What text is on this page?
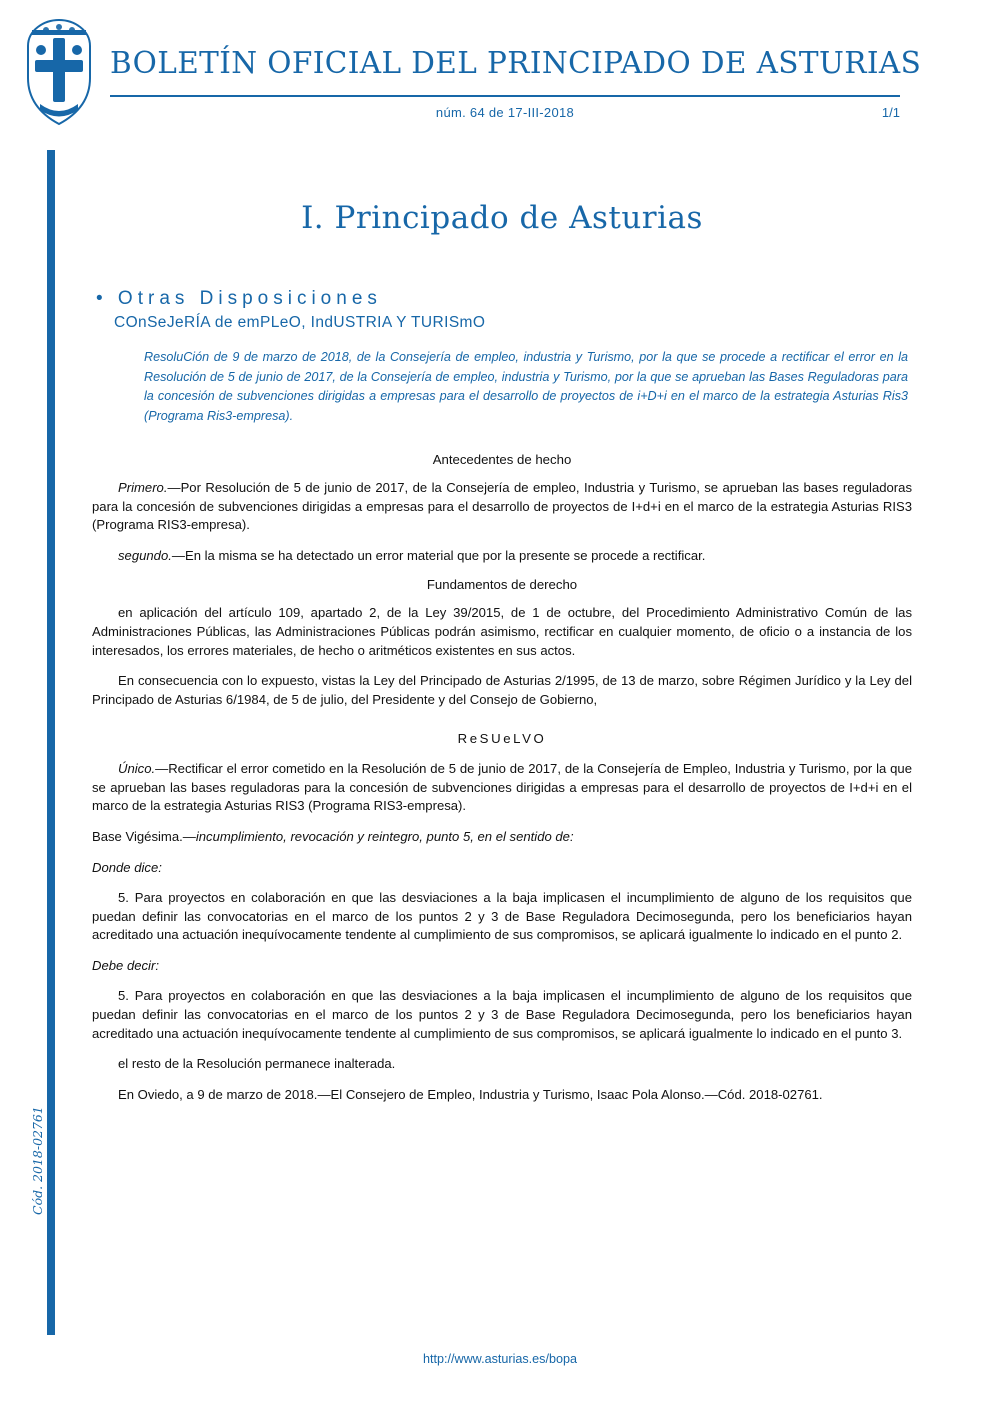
BOLETÍN OFICIAL DEL PRINCIPADO DE ASTURIAS
núm. 64 de 17-III-2018	1/1
Cód. 2018-02761
I. Principado de Asturias
• Otras Disposiciones
COnSeJeRÍA de emPLeO, IndUSTRIA Y TURISmO
ResoluCión de 9 de marzo de 2018, de la Consejería de empleo, industria y Turismo, por la que se procede a rectificar el error en la Resolución de 5 de junio de 2017, de la Consejería de empleo, industria y Turismo, por la que se aprueban las Bases Reguladoras para la concesión de subvenciones dirigidas a empresas para el desarrollo de proyectos de i+D+i en el marco de la estrategia Asturias Ris3 (Programa Ris3-empresa).
Antecedentes de hecho

Primero.—Por Resolución de 5 de junio de 2017, de la Consejería de empleo, Industria y Turismo, se aprueban las bases reguladoras para la concesión de subvenciones dirigidas a empresas para el desarrollo de proyectos de I+d+i en el marco de la estrategia Asturias RIS3 (Programa RIS3-empresa).

segundo.—En la misma se ha detectado un error material que por la presente se procede a rectificar.

Fundamentos de derecho

en aplicación del artículo 109, apartado 2, de la Ley 39/2015, de 1 de octubre, del Procedimiento Administrativo Común de las Administraciones Públicas, las Administraciones Públicas podrán asimismo, rectificar en cualquier momento, de oficio o a instancia de los interesados, los errores materiales, de hecho o aritméticos existentes en sus actos.

En consecuencia con lo expuesto, vistas la Ley del Principado de Asturias 2/1995, de 13 de marzo, sobre Régimen Jurídico y la Ley del Principado de Asturias 6/1984, de 5 de julio, del Presidente y del Consejo de Gobierno,

ReSUeLVO

Único.—Rectificar el error cometido en la Resolución de 5 de junio de 2017, de la Consejería de Empleo, Industria y Turismo, por la que se aprueban las bases reguladoras para la concesión de subvenciones dirigidas a empresas para el desarrollo de proyectos de I+d+i en el marco de la estrategia Asturias RIS3 (Programa RIS3-empresa).

Base Vigésima.—incumplimiento, revocación y reintegro, punto 5, en el sentido de:

Donde dice:

5. Para proyectos en colaboración en que las desviaciones a la baja implicasen el incumplimiento de alguno de los requisitos que puedan definir las convocatorias en el marco de los puntos 2 y 3 de Base Reguladora Decimosegunda, pero los beneficiarios hayan acreditado una actuación inequívocamente tendente al cumplimiento de sus compromisos, se aplicará igualmente lo indicado en el punto 2.

Debe decir:

5. Para proyectos en colaboración en que las desviaciones a la baja implicasen el incumplimiento de alguno de los requisitos que puedan definir las convocatorias en el marco de los puntos 2 y 3 de Base Reguladora Decimosegunda, pero los beneficiarios hayan acreditado una actuación inequívocamente tendente al cumplimiento de sus compromisos, se aplicará igualmente lo indicado en el punto 3.

el resto de la Resolución permanece inalterada.

En Oviedo, a 9 de marzo de 2018.—El Consejero de Empleo, Industria y Turismo, Isaac Pola Alonso.—Cód. 2018-02761.

http://www.asturias.es/bopa
